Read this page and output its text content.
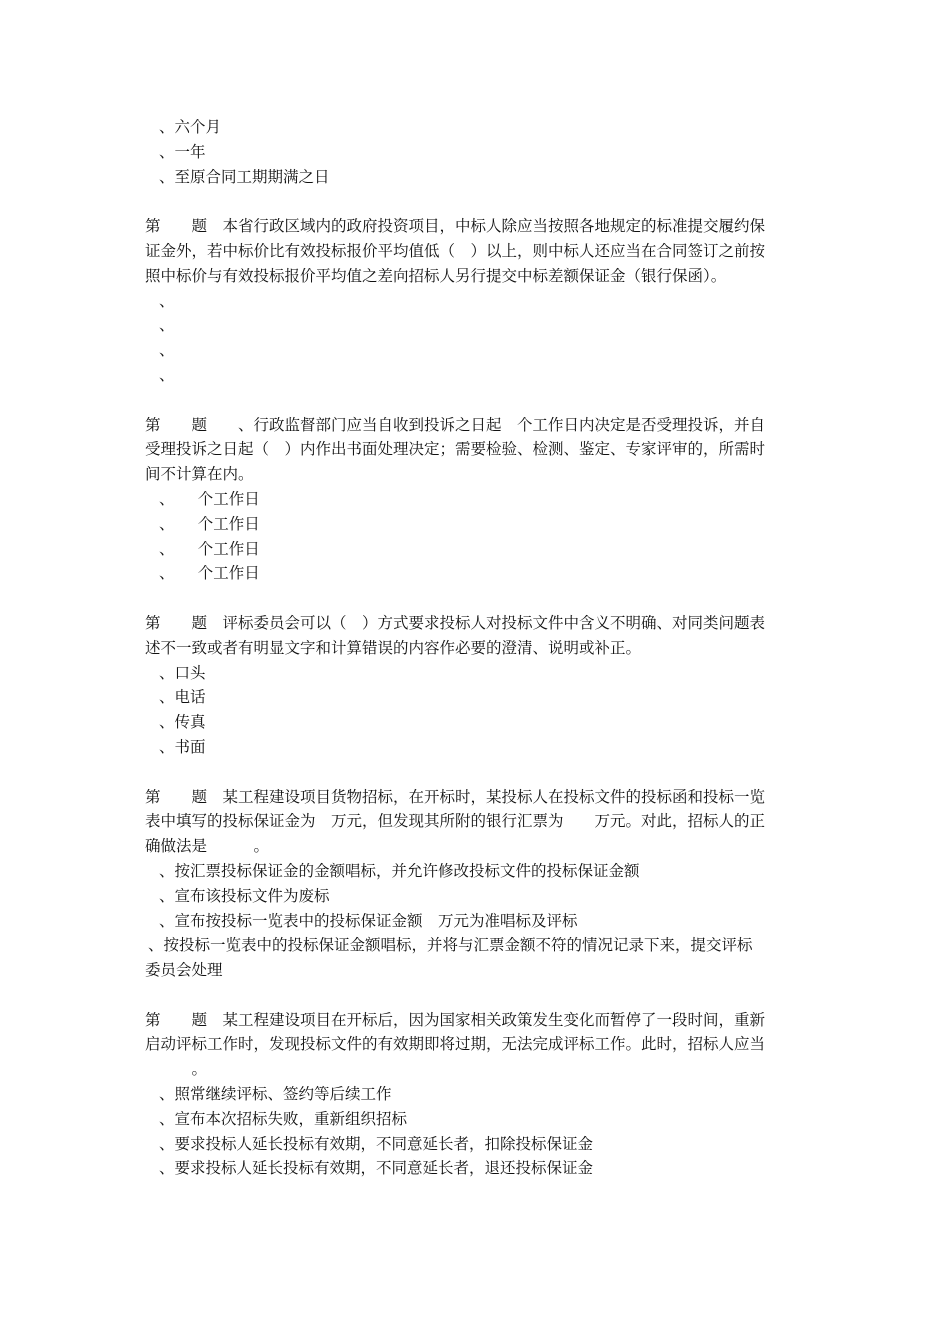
、六个月
、一年
、至原合同工期期满之日
第　　题　本省行政区域内的政府投资项目，中标人除应当按照各地规定的标准提交履约保
证金外，若中标价比有效投标报价平均值低（　）以上，则中标人还应当在合同签订之前按
照中标价与有效投标报价平均值之差向招标人另行提交中标差额保证金（银行保函）。
、
、
、
、
第　　题　　、行政监督部门应当自收到投诉之日起　个工作日内决定是否受理投诉，并自
受理投诉之日起（　）内作出书面处理决定；需要检验、检测、鉴定、专家评审的，所需时
间不计算在内。
、　　个工作日
、　　个工作日
、　　个工作日
、　　个工作日
第　　题　评标委员会可以（　）方式要求投标人对投标文件中含义不明确、对同类问题表
述不一致或者有明显文字和计算错误的内容作必要的澄清、说明或补正。
、口头
、电话
、传真
、书面
第　　题　某工程建设项目货物招标，在开标时，某投标人在投标文件的投标函和投标一览
表中填写的投标保证金为　万元，但发现其所附的银行汇票为　　万元。对此，招标人的正
确做法是　　　。
、按汇票投标保证金的金额唱标，并允许修改投标文件的投标保证金额
、宣布该投标文件为废标
、宣布按投标一览表中的投标保证金额　万元为准唱标及评标
、按投标一览表中的投标保证金额唱标，并将与汇票金额不符的情况记录下来，提交评标
委员会处理
第　　题　某工程建设项目在开标后，因为国家相关政策发生变化而暂停了一段时间，重新
启动评标工作时，发现投标文件的有效期即将过期，无法完成评标工作。此时，招标人应当
　　　。
、照常继续评标、签约等后续工作
、宣布本次招标失败，重新组织招标
、要求投标人延长投标有效期，不同意延长者，扣除投标保证金
、要求投标人延长投标有效期，不同意延长者，退还投标保证金
